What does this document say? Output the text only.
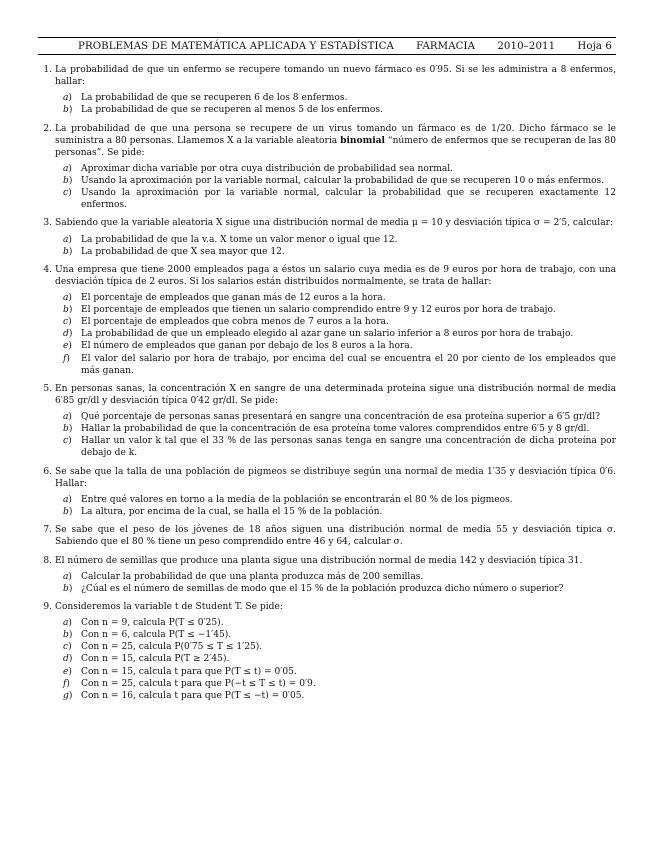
PROBLEMAS DE MATEMÁTICA APLICADA Y ESTADÍSTICA FARMACIA 2010–2011 Hoja 6
1. La probabilidad de que un enfermo se recupere tomando un nuevo fármaco es 0′95. Si se les administra a 8 enfermos, hallar:
a) La probabilidad de que se recuperen 6 de los 8 enfermos.
b) La probabilidad de que se recuperen al menos 5 de los enfermos.
2. La probabilidad de que una persona se recupere de un virus tomando un fármaco es de 1/20. Dicho fármaco se le suministra a 80 personas. Llamemos X a la variable aleatoria binomial “número de enfermos que se recuperan de las 80 personas”. Se pide:
a) Aproximar dicha variable por otra cuya distribución de probabilidad sea normal.
b) Usando la aproximación por la variable normal, calcular la probabilidad de que se recuperen 10 o más enfermos.
c)	Usando la aproximación por la variable normal, calcular la probabilidad que se recuperen exactamente 12 enfermos.
3. Sabiendo que la variable aleatoria X sigue una distribución normal de media μ = 10 y desviación típica σ = 2′5, calcular:
a) La probabilidad de que la v.a. X tome un valor menor o igual que 12.
b) La probabilidad de que X sea mayor que 12.
4. Una empresa que tiene 2000 empleados paga a éstos un salario cuya media es de 9 euros por hora de trabajo, con una desviación típica de 2 euros. Si los salarios están distribuidos normalmente, se trata de hallar:
a) El porcentaje de empleados que ganan más de 12 euros a la hora.
b) El porcentaje de empleados que tienen un salario comprendido entre 9 y 12 euros por hora de trabajo.
c)	El porcentaje de empleados que cobra menos de 7 euros a la hora.
d) La probabilidad de que un empleado elegido al azar gane un salario inferior a 8 euros por hora de trabajo.
e) El número de empleados que ganan por debajo de los 8 euros a la hora.
f)	El valor del salario por hora de trabajo, por encima del cual se encuentra el 20 por ciento de los empleados que más ganan.
5. En personas sanas, la concentración X en sangre de una determinada proteína sigue una distribución normal de media 6′85 gr/dl y desviación típica 0′42 gr/dl. Se pide:
a) Qué porcentaje de personas sanas presentará en sangre una concentración de esa proteína superior a 6′5 gr/dl?
b) Hallar la probabilidad de que la concentración de esa proteína tome valores comprendidos entre 6′5 y 8 gr/dl.
c)	Hallar un valor k tal que el 33 % de las personas sanas tenga en sangre una concentración de dicha proteína por debajo de k.
6. Se sabe que la talla de una población de pigmeos se distribuye según una normal de media 1′35 y desviación típica 0′6. Hallar:
a) Entre qué valores en torno a la media de la población se encontrarán el 80 % de los pigmeos.
b) La altura, por encima de la cual, se halla el 15 % de la población.
7. Se sabe que el peso de los jóvenes de 18 años siguen una distribución normal de media 55 y desviación típica σ. Sabiendo que el 80 % tiene un peso comprendido entre 46 y 64, calcular σ.
8. El número de semillas que produce una planta sigue una distribución normal de media 142 y desviación típica 31.
a) Calcular la probabilidad de que una planta produzca más de 200 semillas.
b) ¿Cúal es el número de semillas de modo que el 15 % de la población produzca dicho número o superior?
9. Consideremos la variable t de Student T. Se pide:
a) Con n = 9, calcula P(T ≤ 0′25).
b) Con n = 6, calcula P(T ≤ −1′45).
c)	Con n = 25, calcula P(0′75 ≤ T ≤ 1′25).
d) Con n = 15, calcula P(T ≥ 2′45).
e) Con n = 15, calcula t para que P(T ≤ t) = 0′05.
f)	Con n = 25, calcula t para que P(−t ≤ T ≤ t) = 0′9.
g) Con n = 16, calcula t para que P(T ≤ −t) = 0′05.
